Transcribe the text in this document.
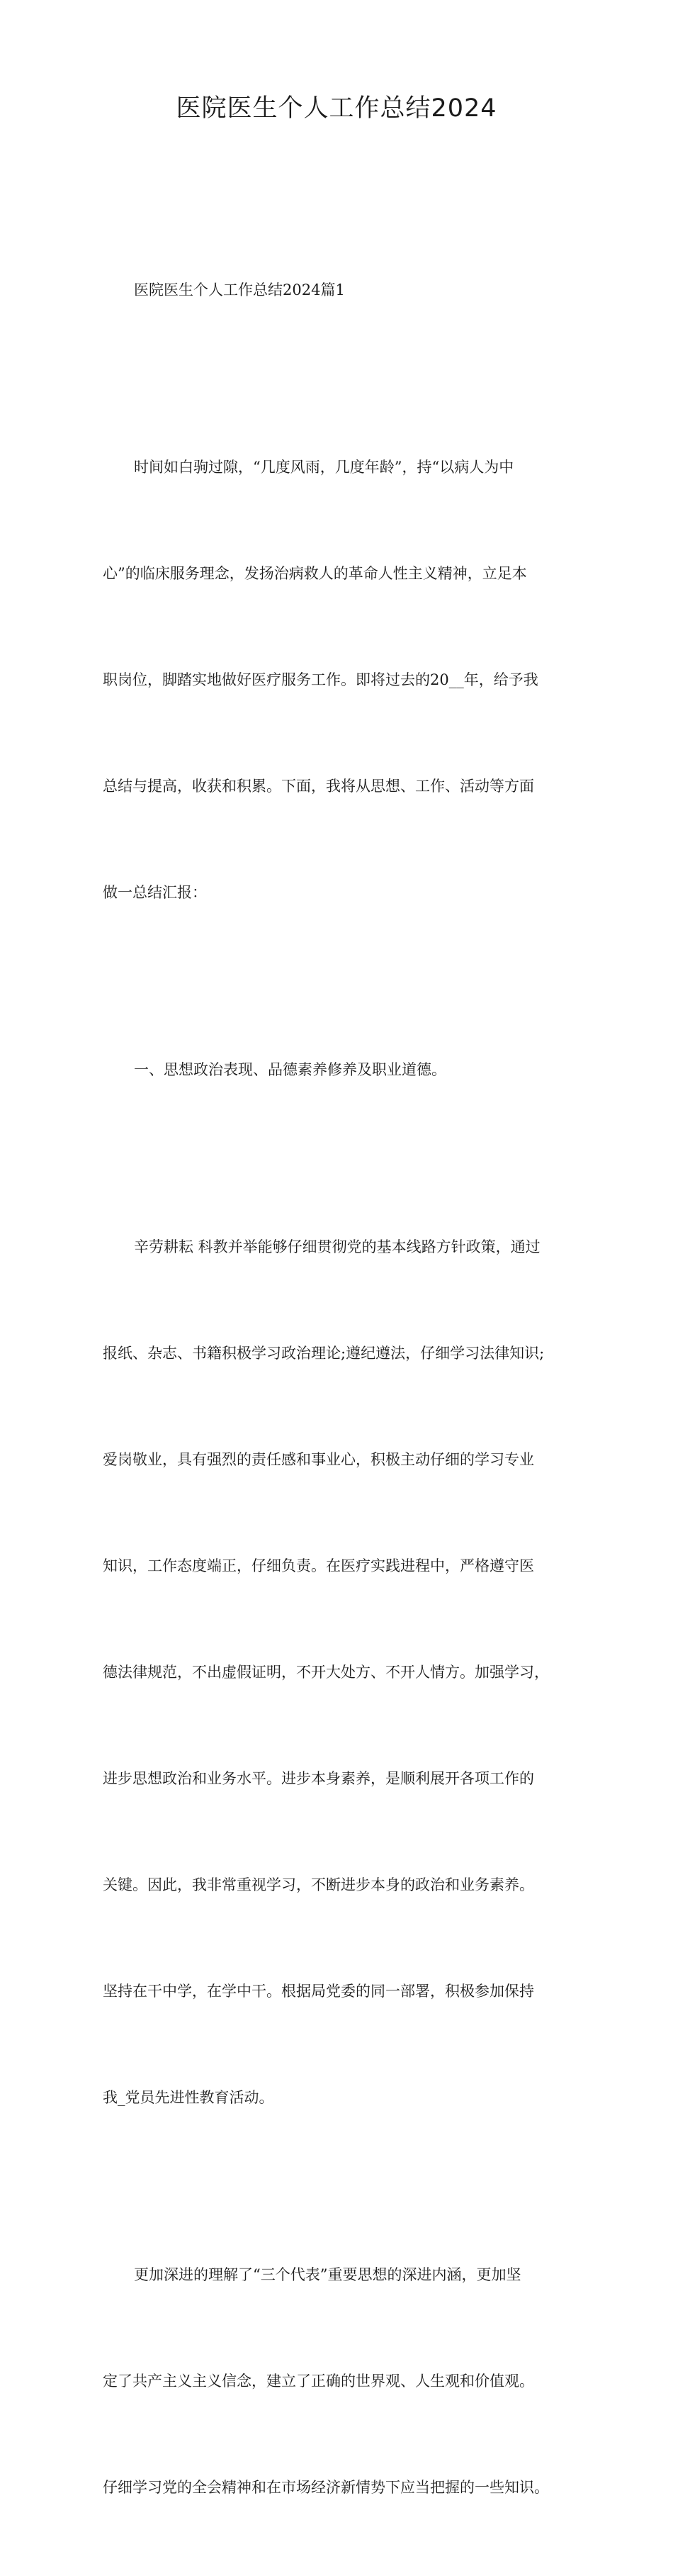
医院医生个人工作总结2024

医院医生个人工作总结2024篇1

时间如白驹过隙，“几度风雨，几度年龄”，持“以病人为中

心”的临床服务理念，发扬治病救人的革命人性主义精神，立足本

职岗位，脚踏实地做好医疗服务工作。即将过去的20__年，给予我

总结与提高，收获和积累。下面，我将从思想、工作、活动等方面

做一总结汇报：

一、思想政治表现、品德素养修养及职业道德。

辛劳耕耘 科教并举能够仔细贯彻党的基本线路方针政策，通过

报纸、杂志、书籍积极学习政治理论;遵纪遵法，仔细学习法律知识;

爱岗敬业，具有强烈的责任感和事业心，积极主动仔细的学习专业

知识，工作态度端正，仔细负责。在医疗实践进程中，严格遵守医

德法律规范，不出虚假证明，不开大处方、不开人情方。加强学习，

进步思想政治和业务水平。进步本身素养，是顺利展开各项工作的

关键。因此，我非常重视学习，不断进步本身的政治和业务素养。

坚持在干中学，在学中干。根据局党委的同一部署，积极参加保持

我_党员先进性教育活动。

更加深进的理解了“三个代表”重要思想的深进内涵，更加坚

定了共产主义主义信念，建立了正确的世界观、人生观和价值观。

仔细学习党的全会精神和在市场经济新情势下应当把握的一些知识。
